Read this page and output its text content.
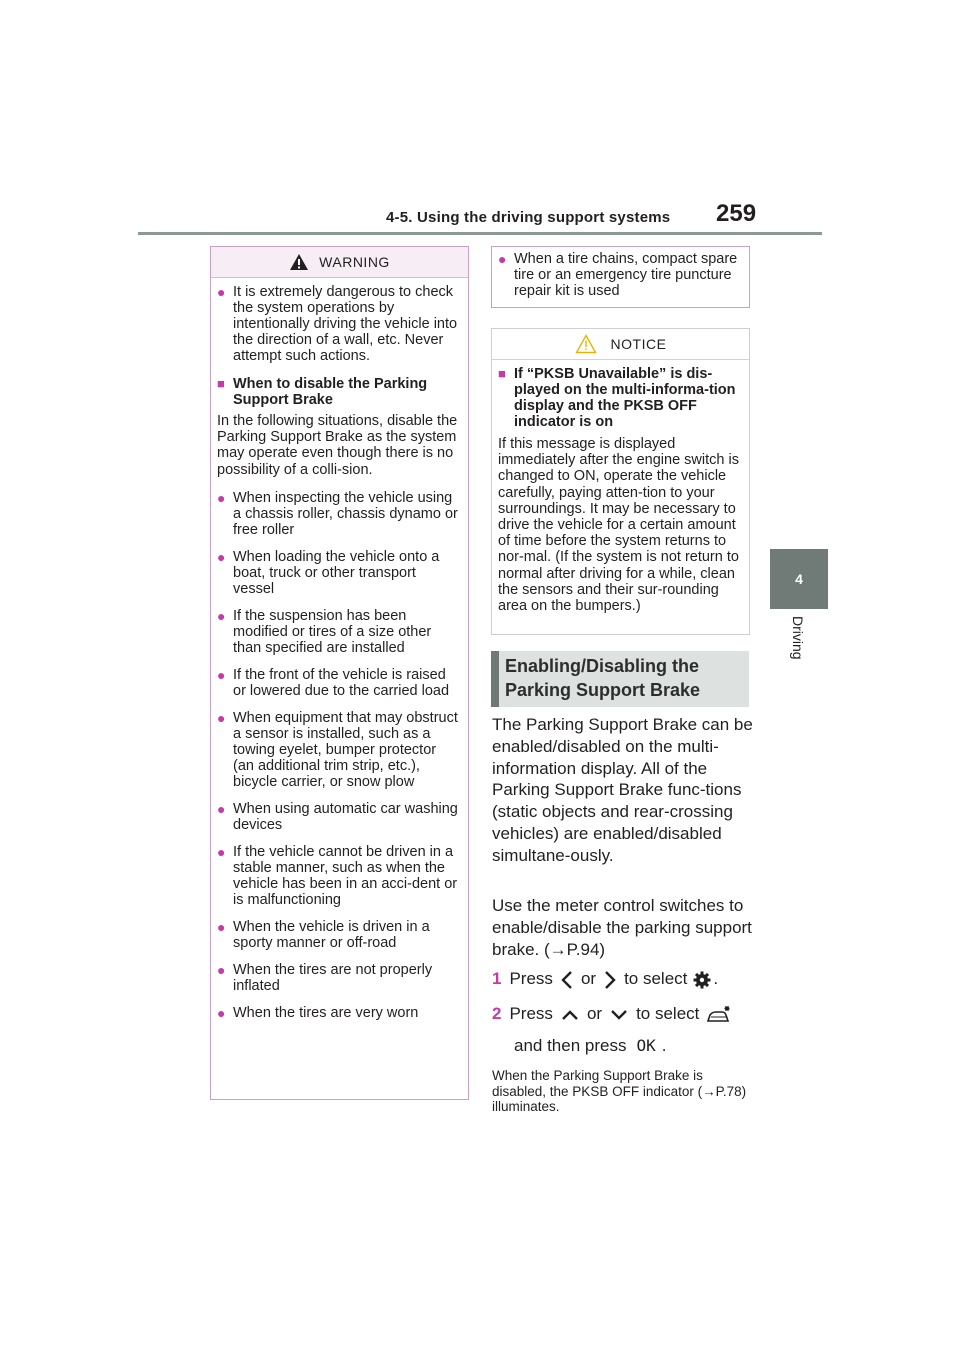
4-5. Using the driving support systems 259
4
Driving
WARNING
● It is extremely dangerous to check the system operations by intentionally driving the vehicle into the direction of a wall, etc. Never attempt such actions.
■ When to disable the Parking Support Brake
In the following situations, disable the Parking Support Brake as the system may operate even though there is no possibility of a colli-sion.
● When inspecting the vehicle using a chassis roller, chassis dynamo or free roller
● When loading the vehicle onto a boat, truck or other transport vessel
● If the suspension has been modified or tires of a size other than specified are installed
● If the front of the vehicle is raised or lowered due to the carried load
● When equipment that may obstruct a sensor is installed, such as a towing eyelet, bumper protector (an additional trim strip, etc.), bicycle carrier, or snow plow
● When using automatic car washing devices
● If the vehicle cannot be driven in a stable manner, such as when the vehicle has been in an acci-dent or is malfunctioning
● When the vehicle is driven in a sporty manner or off-road
● When the tires are not properly inflated
● When the tires are very worn
● When a tire chains, compact spare tire or an emergency tire puncture repair kit is used
NOTICE
■ If “PKSB Unavailable” is dis-played on the multi-informa-tion display and the PKSB OFF indicator is on
If this message is displayed immediately after the engine switch is changed to ON, operate the vehicle carefully, paying atten-tion to your surroundings. It may be necessary to drive the vehicle for a certain amount of time before the system returns to nor-mal. (If the system is not return to normal after driving for a while, clean the sensors and their sur-rounding area on the bumpers.)
Enabling/Disabling the
Parking Support Brake
The Parking Support Brake can be enabled/disabled on the multi-information display. All of the Parking Support Brake func-tions (static objects and rear-crossing vehicles) are enabled/disabled simultane-ously.
Use the meter control switches to enable/disable the parking support brake. (→P.94)
1 Press or to select .
2 Press or to select
and then press OK .
When the Parking Support Brake is disabled, the PKSB OFF indicator (→P.78) illuminates.
